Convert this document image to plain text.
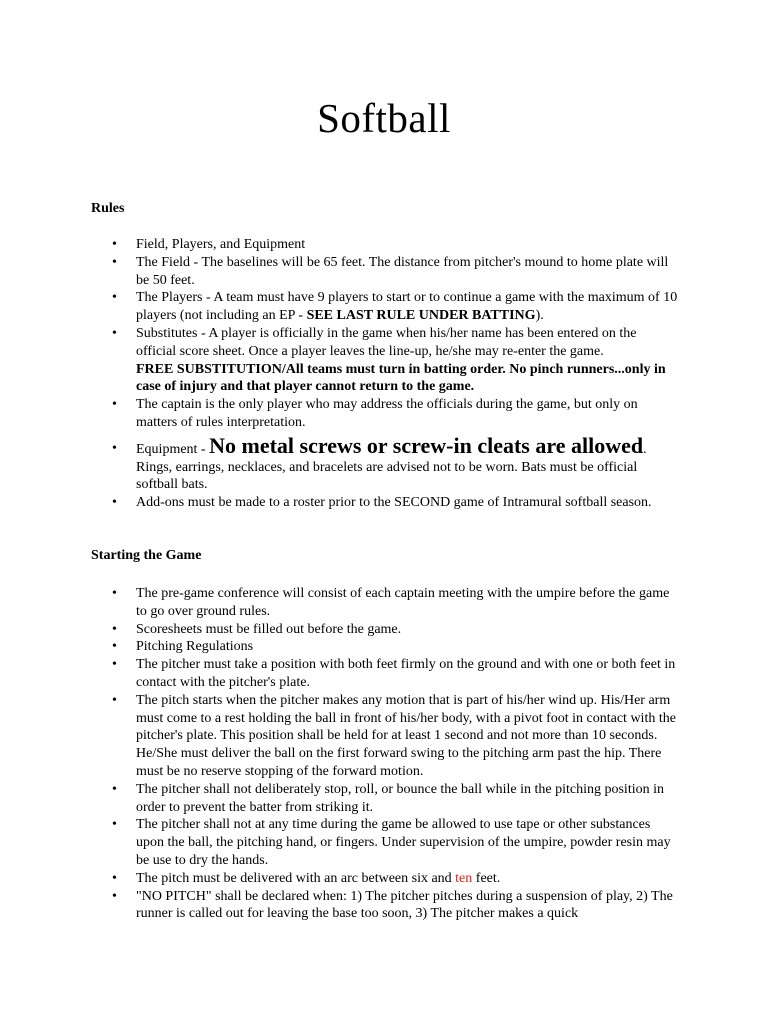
Softball
Rules
• Field, Players, and Equipment
• The Field - The baselines will be 65 feet. The distance from pitcher's mound to home plate will be 50 feet.
• The Players - A team must have 9 players to start or to continue a game with the maximum of 10 players (not including an EP - SEE LAST RULE UNDER BATTING).
• Substitutes - A player is officially in the game when his/her name has been entered on the official score sheet. Once a player leaves the line-up, he/she may re-enter the game.
FREE SUBSTITUTION/All teams must turn in batting order. No pinch runners...only in case of injury and that player cannot return to the game.
• The captain is the only player who may address the officials during the game, but only on matters of rules interpretation.
• Equipment - No metal screws or screw-in cleats are allowed. Rings, earrings, necklaces, and bracelets are advised not to be worn. Bats must be official softball bats.
• Add-ons must be made to a roster prior to the SECOND game of Intramural softball season.
Starting the Game
• The pre-game conference will consist of each captain meeting with the umpire before the game to go over ground rules.
• Scoresheets must be filled out before the game.
• Pitching Regulations
• The pitcher must take a position with both feet firmly on the ground and with one or both feet in contact with the pitcher's plate.
• The pitch starts when the pitcher makes any motion that is part of his/her wind up. His/Her arm must come to a rest holding the ball in front of his/her body, with a pivot foot in contact with the pitcher's plate. This position shall be held for at least 1 second and not more than 10 seconds. He/She must deliver the ball on the first forward swing to the pitching arm past the hip. There must be no reserve stopping of the forward motion.
• The pitcher shall not deliberately stop, roll, or bounce the ball while in the pitching position in order to prevent the batter from striking it.
• The pitcher shall not at any time during the game be allowed to use tape or other substances upon the ball, the pitching hand, or fingers. Under supervision of the umpire, powder resin may be use to dry the hands.
• The pitch must be delivered with an arc between six and ten feet.
• "NO PITCH" shall be declared when: 1) The pitcher pitches during a suspension of play, 2) The runner is called out for leaving the base too soon, 3) The pitcher makes a quick
